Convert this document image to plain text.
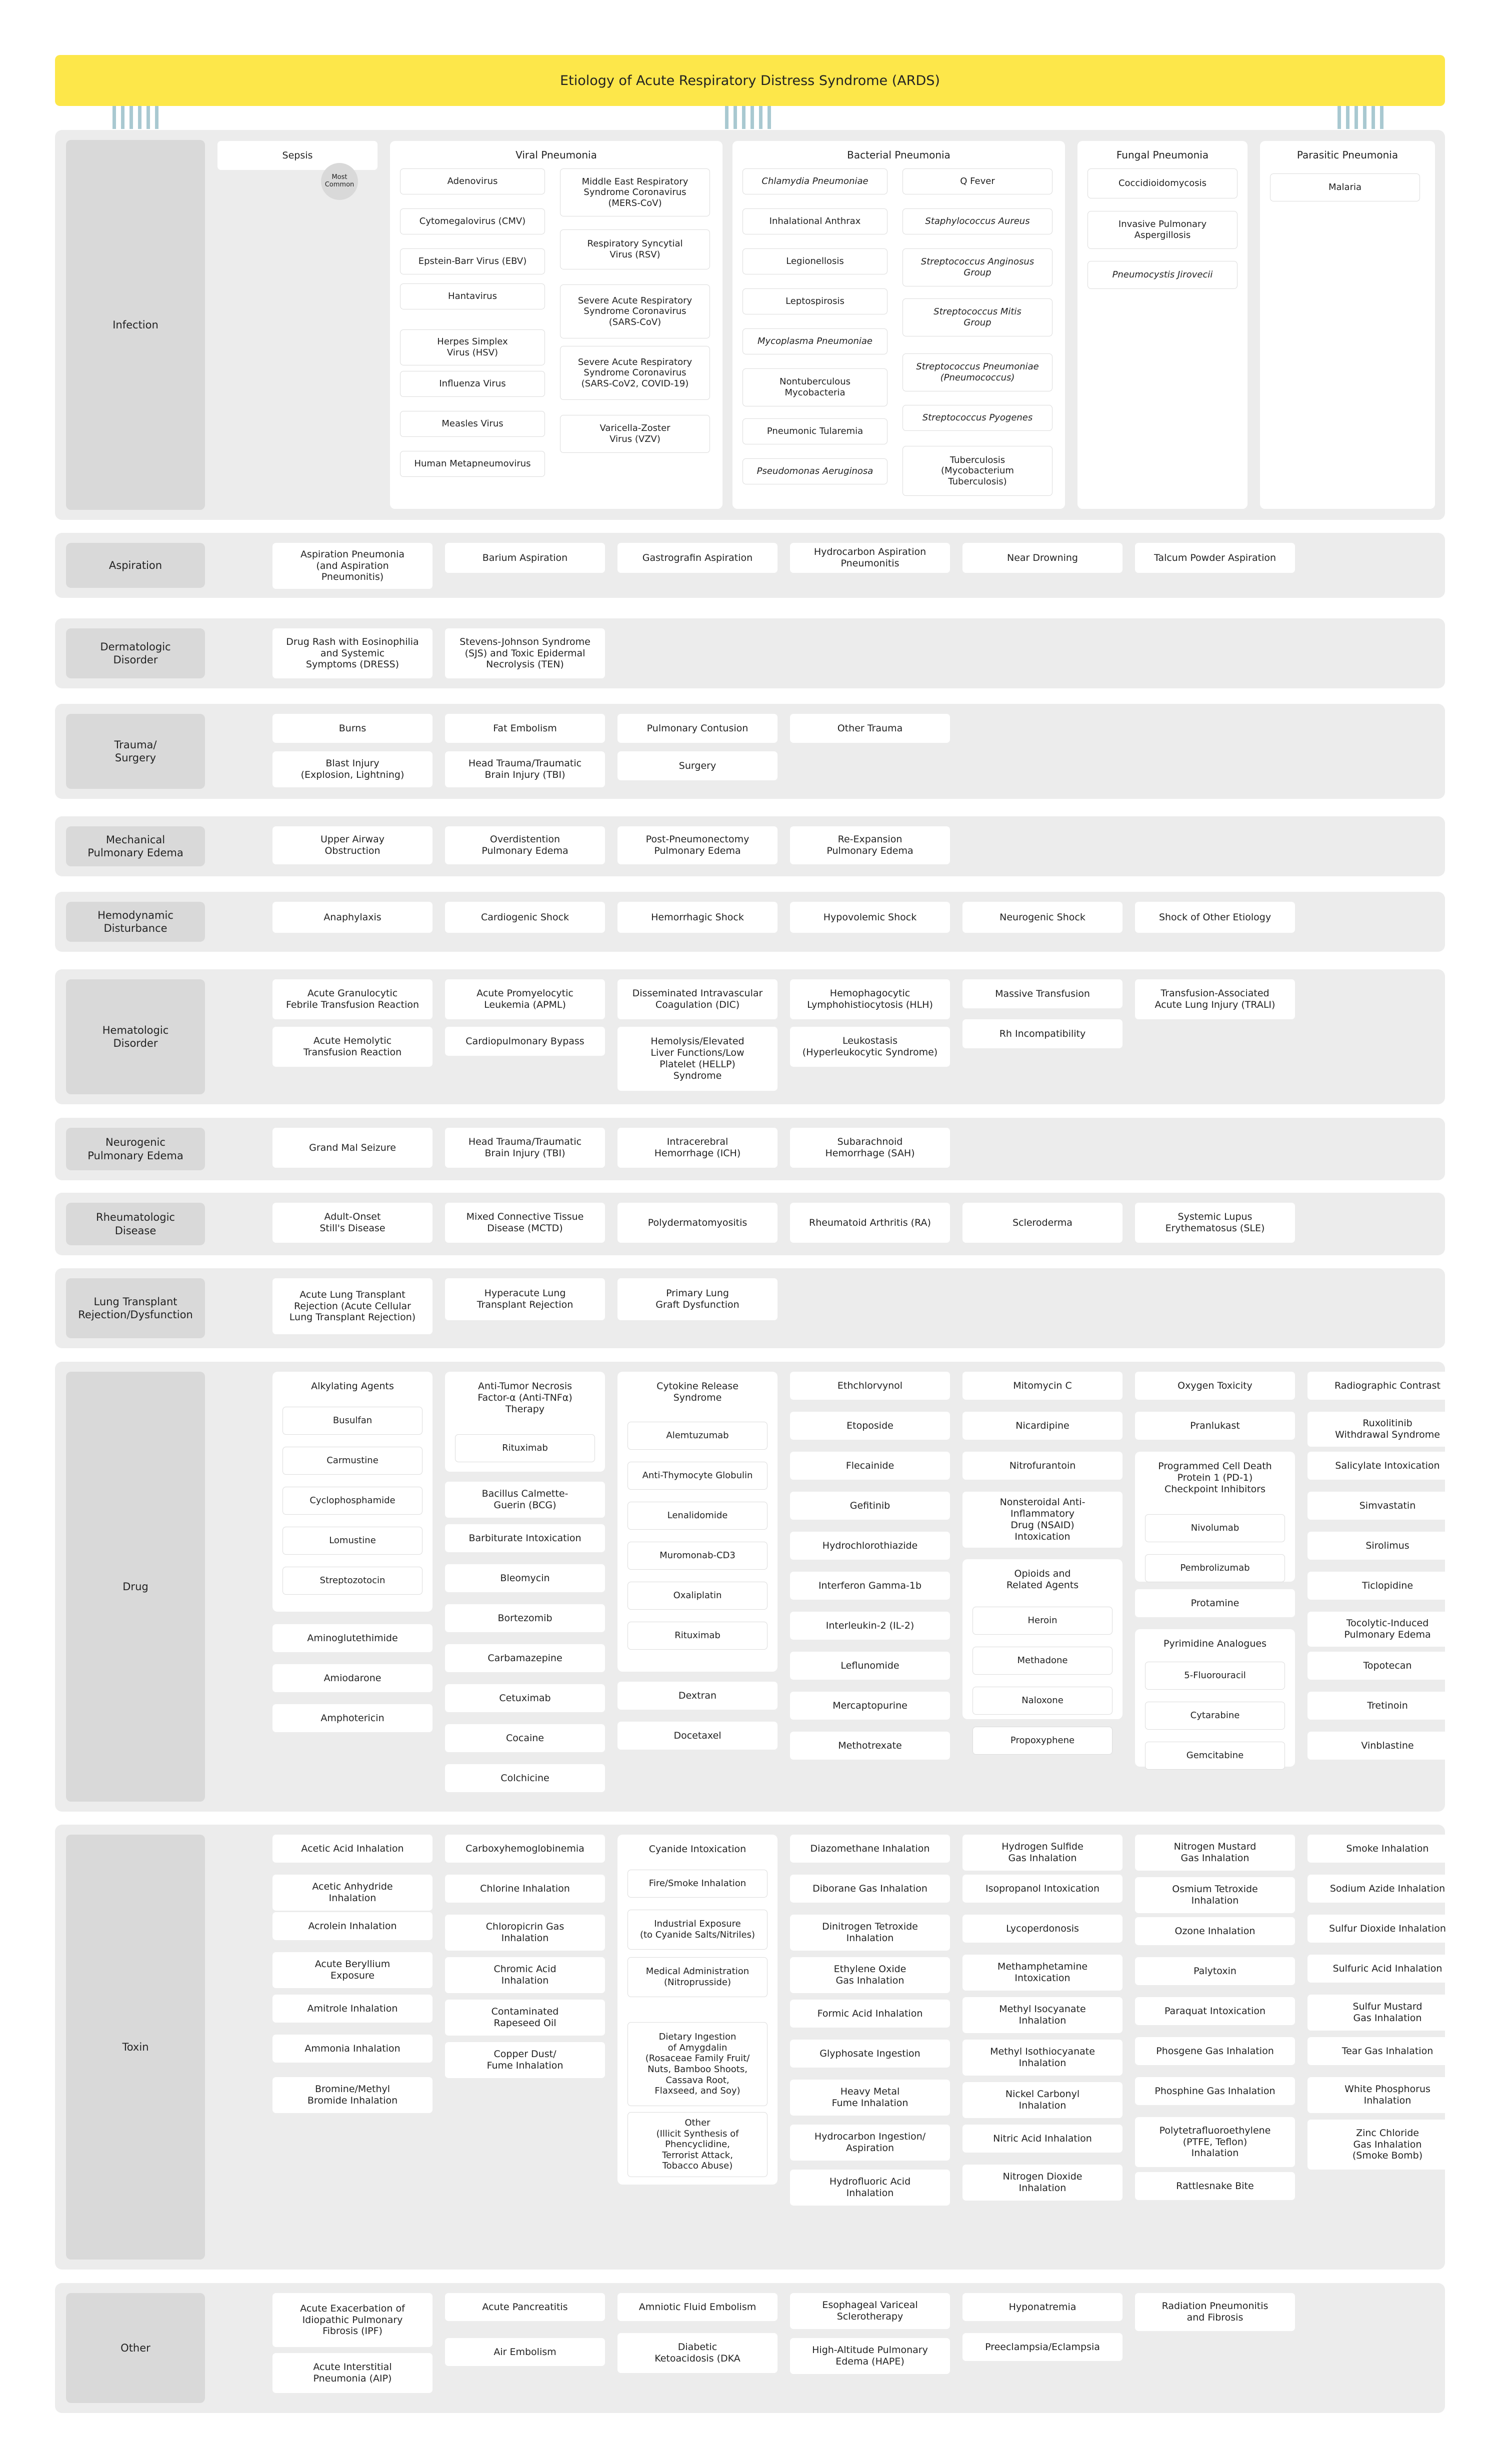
Etiology of Acute Respiratory Distress Syndrome (ARDS)
Infection
Sepsis
Most
Common
Viral Pneumonia
Adenovirus
Cytomegalovirus (CMV)
Epstein-Barr Virus (EBV)
Hantavirus
Herpes Simplex
Virus (HSV)
Influenza Virus
Measles Virus
Human Metapneumovirus
Middle East Respiratory
Syndrome Coronavirus
(MERS-CoV)
Respiratory Syncytial
Virus (RSV)
Severe Acute Respiratory
Syndrome Coronavirus
(SARS-CoV)
Severe Acute Respiratory
Syndrome Coronavirus
(SARS-CoV2, COVID-19)
Varicella-Zoster
Virus (VZV)
Bacterial Pneumonia
Chlamydia Pneumoniae
Inhalational Anthrax
Legionellosis
Leptospirosis
Mycoplasma Pneumoniae
Nontuberculous
Mycobacteria
Pneumonic Tularemia
Pseudomonas Aeruginosa
Q Fever
Staphylococcus Aureus
Streptococcus Anginosus
Group
Streptococcus Mitis
Group
Streptococcus Pneumoniae
(Pneumococcus)
Streptococcus Pyogenes
Tuberculosis
(Mycobacterium
Tuberculosis)
Fungal Pneumonia
Coccidioidomycosis
Invasive Pulmonary
Aspergillosis
Pneumocystis Jirovecii
Parasitic Pneumonia
Malaria
Aspiration
Aspiration Pneumonia
(and Aspiration
Pneumonitis)
Barium Aspiration	Gastrografin Aspiration
Hydrocarbon Aspiration
Pneumonitis
Near Drowning	Talcum Powder Aspiration
Dermatologic
Disorder
Drug Rash with Eosinophilia
and Systemic
Symptoms (DRESS)
Stevens-Johnson Syndrome
(SJS) and Toxic Epidermal
Necrolysis (TEN)
Trauma/
Surgery
Burns
Blast Injury
(Explosion, Lightning)
Fat Embolism
Head Trauma/Traumatic
Brain Injury (TBI)
Pulmonary Contusion
Surgery
Other Trauma
Mechanical
Pulmonary Edema
Upper Airway
Obstruction
Overdistention
Pulmonary Edema
Post-Pneumonectomy
Pulmonary Edema
Re-Expansion
Pulmonary Edema
Hemodynamic
Disturbance
Anaphylaxis	Cardiogenic Shock	Hemorrhagic Shock	Hypovolemic Shock	Neurogenic Shock	Shock of Other Etiology
Hematologic
Disorder
Acute Granulocytic
Febrile Transfusion Reaction
Acute Hemolytic
Transfusion Reaction
Acute Promyelocytic
Leukemia (APML)
Cardiopulmonary Bypass
Disseminated Intravascular
Coagulation (DIC)
Hemolysis/Elevated
Liver Functions/Low
Platelet (HELLP)
Syndrome
Hemophagocytic
Lymphohistiocytosis (HLH)
Leukostasis
(Hyperleukocytic Syndrome)
Massive Transfusion
Rh Incompatibility
Transfusion-Associated
Acute Lung Injury (TRALI)
Neurogenic
Pulmonary Edema
Grand Mal Seizure
Head Trauma/Traumatic
Brain Injury (TBI)
Intracerebral
Hemorrhage (ICH)
Subarachnoid
Hemorrhage (SAH)
Rheumatologic
Disease
Adult-Onset
Still's Disease
Mixed Connective Tissue
Disease (MCTD)
Polydermatomyositis	Rheumatoid Arthritis (RA)	Scleroderma
Systemic Lupus
Erythematosus (SLE)
Lung Transplant
Rejection/Dysfunction
Acute Lung Transplant
Rejection (Acute Cellular
Lung Transplant Rejection)
Hyperacute Lung
Transplant Rejection
Primary Lung
Graft Dysfunction
Drug
Alkylating Agents
Busulfan
Carmustine
Cyclophosphamide
Lomustine
Streptozotocin
Aminoglutethimide
Amiodarone
Amphotericin
Anti-Tumor Necrosis
Factor-α (Anti-TNFα)
Therapy
Rituximab
Bacillus Calmette-
Guerin (BCG)
Barbiturate Intoxication
Bleomycin
Bortezomib
Carbamazepine
Cetuximab
Cocaine
Colchicine
Cytokine Release
Syndrome
Alemtuzumab
Anti-Thymocyte Globulin
Lenalidomide
Muromonab-CD3
Oxaliplatin
Rituximab
Dextran
Docetaxel
Ethchlorvynol
Etoposide
Flecainide
Gefitinib
Hydrochlorothiazide
Interferon Gamma-1b
Interleukin-2 (IL-2)
Leflunomide
Mercaptopurine
Methotrexate
Mitomycin C
Nicardipine
Nitrofurantoin
Nonsteroidal Anti-
Inflammatory
Drug (NSAID)
Intoxication
Opioids and
Related Agents
Heroin
Methadone
Naloxone
Propoxyphene
Oxygen Toxicity
Pranlukast
Programmed Cell Death
Protein 1 (PD-1)
Checkpoint Inhibitors
Nivolumab
Pembrolizumab
Protamine
Pyrimidine Analogues
5-Fluorouracil
Cytarabine
Gemcitabine
Radiographic Contrast
Ruxolitinib
Withdrawal Syndrome
Salicylate Intoxication
Simvastatin
Sirolimus
Ticlopidine
Tocolytic-Induced
Pulmonary Edema
Topotecan
Tretinoin
Vinblastine
Toxin
Acetic Acid Inhalation
Acetic Anhydride
Inhalation
Acrolein Inhalation
Acute Beryllium
Exposure
Amitrole Inhalation
Ammonia Inhalation
Bromine/Methyl
Bromide Inhalation
Carboxyhemoglobinemia
Chlorine Inhalation
Chloropicrin Gas
Inhalation
Chromic Acid
Inhalation
Contaminated
Rapeseed Oil
Copper Dust/
Fume Inhalation
Cyanide Intoxication
Fire/Smoke Inhalation
Industrial Exposure
(to Cyanide Salts/Nitriles)
Medical Administration
(Nitroprusside)
Dietary Ingestion
of Amygdalin
(Rosaceae Family Fruit/
Nuts, Bamboo Shoots,
Cassava Root,
Flaxseed, and Soy)
Other
(Illicit Synthesis of
Phencyclidine,
Terrorist Attack,
Tobacco Abuse)
Diazomethane Inhalation
Diborane Gas Inhalation
Dinitrogen Tetroxide
Inhalation
Ethylene Oxide
Gas Inhalation
Formic Acid Inhalation
Glyphosate Ingestion
Heavy Metal
Fume Inhalation
Hydrocarbon Ingestion/
Aspiration
Hydrofluoric Acid
Inhalation
Hydrogen Sulfide
Gas Inhalation
Isopropanol Intoxication
Lycoperdonosis
Methamphetamine
Intoxication
Methyl Isocyanate
Inhalation
Methyl Isothiocyanate
Inhalation
Nickel Carbonyl
Inhalation
Nitric Acid Inhalation
Nitrogen Dioxide
Inhalation
Nitrogen Mustard
Gas Inhalation
Osmium Tetroxide
Inhalation
Ozone Inhalation
Palytoxin
Paraquat Intoxication
Phosgene Gas Inhalation
Phosphine Gas Inhalation
Polytetrafluoroethylene
(PTFE, Teflon)
Inhalation
Rattlesnake Bite
Smoke Inhalation
Sodium Azide Inhalation
Sulfur Dioxide Inhalation
Sulfuric Acid Inhalation
Sulfur Mustard
Gas Inhalation
Tear Gas Inhalation
White Phosphorus
Inhalation
Zinc Chloride
Gas Inhalation
(Smoke Bomb)
Other
Acute Exacerbation of
Idiopathic Pulmonary
Fibrosis (IPF)
Acute Interstitial
Pneumonia (AIP)
Acute Pancreatitis
Air Embolism
Amniotic Fluid Embolism
Diabetic
Ketoacidosis (DKA
Esophageal Variceal
Sclerotherapy
High-Altitude Pulmonary
Edema (HAPE)
Hyponatremia
Preeclampsia/Eclampsia
Radiation Pneumonitis
and Fibrosis
